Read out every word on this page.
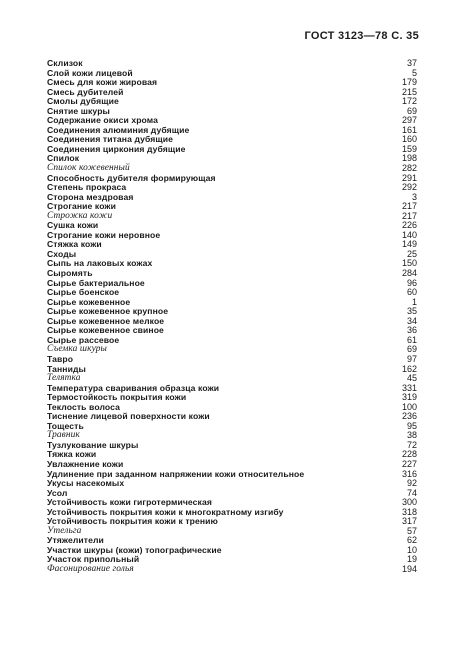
ГОСТ 3123—78 С. 35
Склизок	37
Слой кожи лицевой	5
Смесь для кожи жировая	179
Смесь дубителей	215
Смолы дубящие	172
Снятие шкуры	69
Содержание окиси хрома	297
Соединения алюминия дубящие	161
Соединения титана дубящие	160
Соединения циркония дубящие	159
Спилок	198
Спилок кожевенный	282
Способность дубителя формирующая	291
Степень прокраса	292
Сторона мездровая	3
Строгание кожи	217
Строжка кожи	217
Сушка кожи	226
Строгание кожи неровное	140
Стяжка кожи	149
Сходы	25
Сыпь на лаковых кожах	150
Сыромять	284
Сырье бактериальное	96
Сырье боенское	60
Сырье кожевенное	1
Сырье кожевенное крупное	35
Сырье кожевенное мелкое	34
Сырье кожевенное свиное	36
Сырье рассевое	61
Съемка шкуры	69
Тавро	97
Танниды	162
Телятка	45
Температура сваривания образца кожи	331
Термостойкость покрытия кожи	319
Теклость волоса	100
Тиснение лицевой поверхности кожи	236
Тощесть	95
Травник	38
Тузлукование шкуры	72
Тяжка кожи	228
Увлажнение кожи	227
Удлинение при заданном напряжении кожи относительное	316
Укусы насекомых	92
Усол	74
Устойчивость кожи гигротермическая	300
Устойчивость покрытия кожи к многократному изгибу	318
Устойчивость покрытия кожи к трению	317
Утельга	57
Утяжелители	62
Участки шкуры (кожи) топографические	10
Участок припольный	19
Фасонирование голья	194
